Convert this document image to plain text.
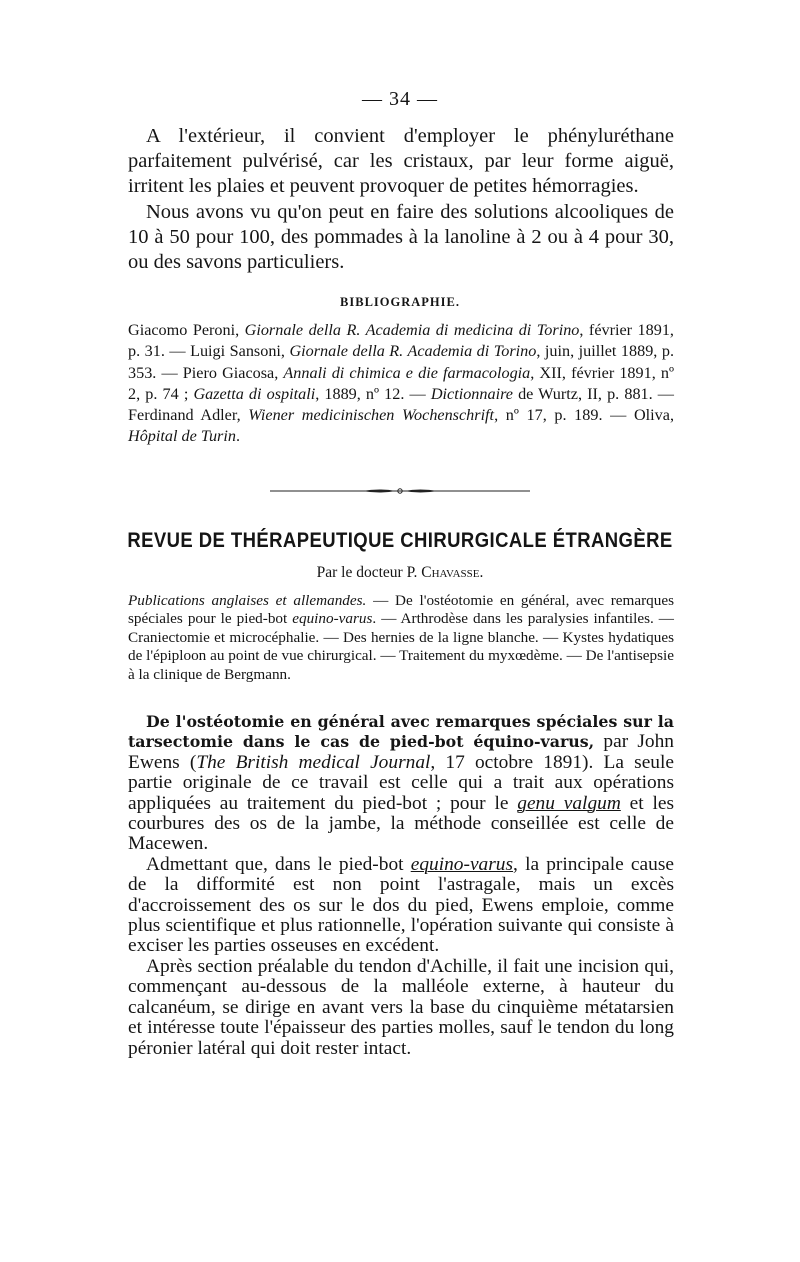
— 34 —

A l'extérieur, il convient d'employer le phényluréthane parfaitement pulvérisé, car les cristaux, par leur forme aiguë, irritent les plaies et peuvent provoquer de petites hémorragies.

Nous avons vu qu'on peut en faire des solutions alcooliques de 10 à 50 pour 100, des pommades à la lanoline à 2 ou à 4 pour 30, ou des savons particuliers.

BIBLIOGRAPHIE.
Giacomo Peroni, Giornale della R. Academia di medicina di Torino, février 1891, p. 31. — Luigi Sansoni, Giornale della R. Academia di Torino, juin, juillet 1889, p. 353. — Piero Giacosa, Annali di chimica e die farmacologia, XII, février 1891, nº 2, p. 74 ; Gazetta di ospitali, 1889, nº 12. — Dictionnaire de Wurtz, II, p. 881. — Ferdinand Adler, Wiener medicinischen Wochenschrift, nº 17, p. 189. — Oliva, Hôpital de Turin.
REVUE DE THÉRAPEUTIQUE CHIRURGICALE ÉTRANGÈRE
Par le docteur P. Chavasse.
Publications anglaises et allemandes. — De l'ostéotomie en général, avec remarques spéciales pour le pied-bot equino-varus. — Arthrodèse dans les paralysies infantiles. — Craniectomie et microcéphalie. — Des hernies de la ligne blanche. — Kystes hydatiques de l'épiploon au point de vue chirurgical. — Traitement du myxœdème. — De l'antisepsie à la clinique de Bergmann.

De l'ostéotomie en général avec remarques spéciales sur la tarsectomie dans le cas de pied-bot équino-varus, par John Ewens (The British medical Journal, 17 octobre 1891). La seule partie originale de ce travail est celle qui a trait aux opérations appliquées au traitement du pied-bot ; pour le genu valgum et les courbures des os de la jambe, la méthode conseillée est celle de Macewen.

Admettant que, dans le pied-bot equino-varus, la principale cause de la difformité est non point l'astragale, mais un excès d'accroissement des os sur le dos du pied, Ewens emploie, comme plus scientifique et plus rationnelle, l'opération suivante qui consiste à exciser les parties osseuses en excédent.

Après section préalable du tendon d'Achille, il fait une incision qui, commençant au-dessous de la malléole externe, à hauteur du calcanéum, se dirige en avant vers la base du cinquième métatarsien et intéresse toute l'épaisseur des parties molles, sauf le tendon du long péronier latéral qui doit rester intact.
